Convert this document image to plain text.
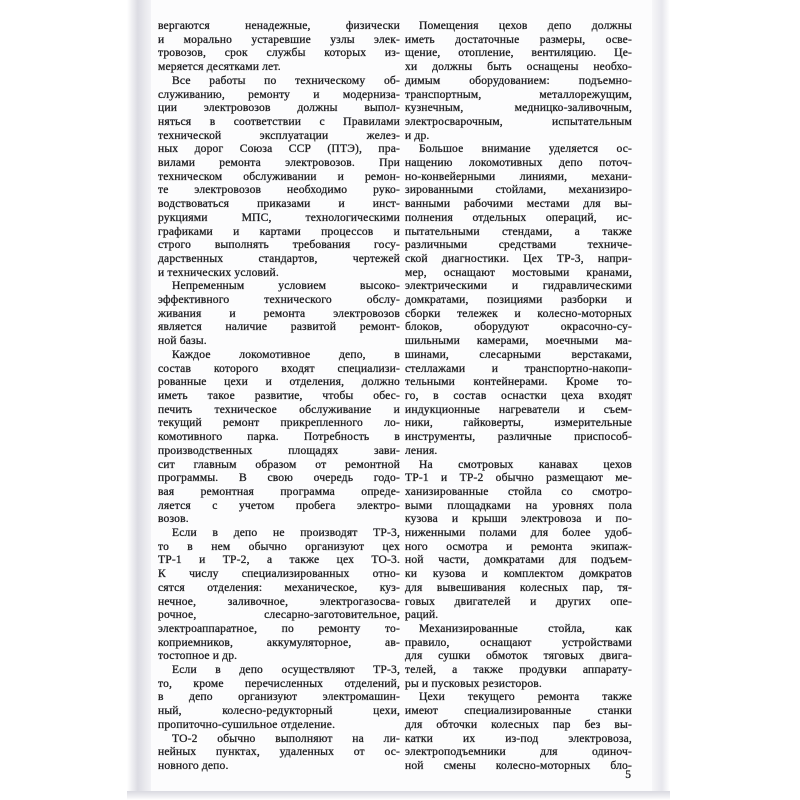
вергаются ненадежные, физически
и морально устаревшие узлы элек-
тровозов, срок службы которых из-
меряется десятками лет.
Все работы по техническому об-
служиванию, ремонту и модерниза-
ции электровозов должны выпол-
няться в соответствии с Правилами
технической эксплуатации желез-
ных дорог Союза ССР (ПТЭ), пра-
вилами ремонта электровозов. При
техническом обслуживании и ремон-
те электровозов необходимо руко-
водствоваться приказами и инст-
рукциями МПС, технологическими
графиками и картами процессов и
строго выполнять требования госу-
дарственных стандартов, чертежей
и технических условий.
Непременным условием высоко-
эффективного технического обслу-
живания и ремонта электровозов
является наличие развитой ремонт-
ной базы.
Каждое локомотивное депо, в
состав которого входят специализи-
рованные цехи и отделения, должно
иметь такое развитие, чтобы обес-
печить техническое обслуживание и
текущий ремонт прикрепленного ло-
комотивного парка. Потребность в
производственных площадях зави-
сит главным образом от ремонтной
программы. В свою очередь годо-
вая ремонтная программа опреде-
ляется с учетом пробега электро-
возов.
Если в депо не производят ТР-3,
то в нем обычно организуют цех
ТР-1 и ТР-2, а также цех ТО-3.
К числу специализированных отно-
сятся отделения: механическое, куз-
нечное, заливочное, электрогазосва-
рочное, слесарно-заготовительное,
электроаппаратное, по ремонту то-
коприемников, аккумуляторное, ав-
тостопное и др.
Если в депо осуществляют ТР-3,
то, кроме перечисленных отделений,
в депо организуют электромашин-
ный, колесно-редукторный цехи,
пропиточно-сушильное отделение.
ТО-2 обычно выполняют на ли-
нейных пунктах, удаленных от ос-
новного депо.
Помещения цехов депо должны
иметь достаточные размеры, осве-
щение, отопление, вентиляцию. Це-
хи должны быть оснащены необхо-
димым оборудованием: подъемно-
транспортным, металлорежущим,
кузнечным, медницко-заливочным,
электросварочным, испытательным
и др.
Большое внимание уделяется ос-
нащению локомотивных депо поточ-
но-конвейерными линиями, механи-
зированными стойлами, механизиро-
ванными рабочими местами для вы-
полнения отдельных операций, ис-
пытательными стендами, а также
различными средствами техниче-
ской диагностики. Цех ТР-3, напри-
мер, оснащают мостовыми кранами,
электрическими и гидравлическими
домкратами, позициями разборки и
сборки тележек и колесно-моторных
блоков, оборудуют окрасочно-су-
шильными камерами, моечными ма-
шинами, слесарными верстаками,
стеллажами и транспортно-накопи-
тельными контейнерами. Кроме то-
го, в состав оснастки цеха входят
индукционные нагреватели и съем-
ники, гайковерты, измерительные
инструменты, различные приспособ-
ления.
На смотровых канавах цехов
ТР-1 и ТР-2 обычно размещают ме-
ханизированные стойла со смотро-
выми площадками на уровнях пола
кузова и крыши электровоза и по-
ниженными полами для более удоб-
ного осмотра и ремонта экипаж-
ной части, домкратами для подъем-
ки кузова и комплектом домкратов
для вывешивания колесных пар, тя-
говых двигателей и других опе-
раций.
Механизированные стойла, как
правило, оснащают устройствами
для сушки обмоток тяговых двига-
телей, а также продувки аппарату-
ры и пусковых резисторов.
Цехи текущего ремонта также
имеют специализированные станки
для обточки колесных пар без вы-
катки их из-под электровоза,
электроподъемники для одиноч-
ной смены колесно-моторных бло-
5
